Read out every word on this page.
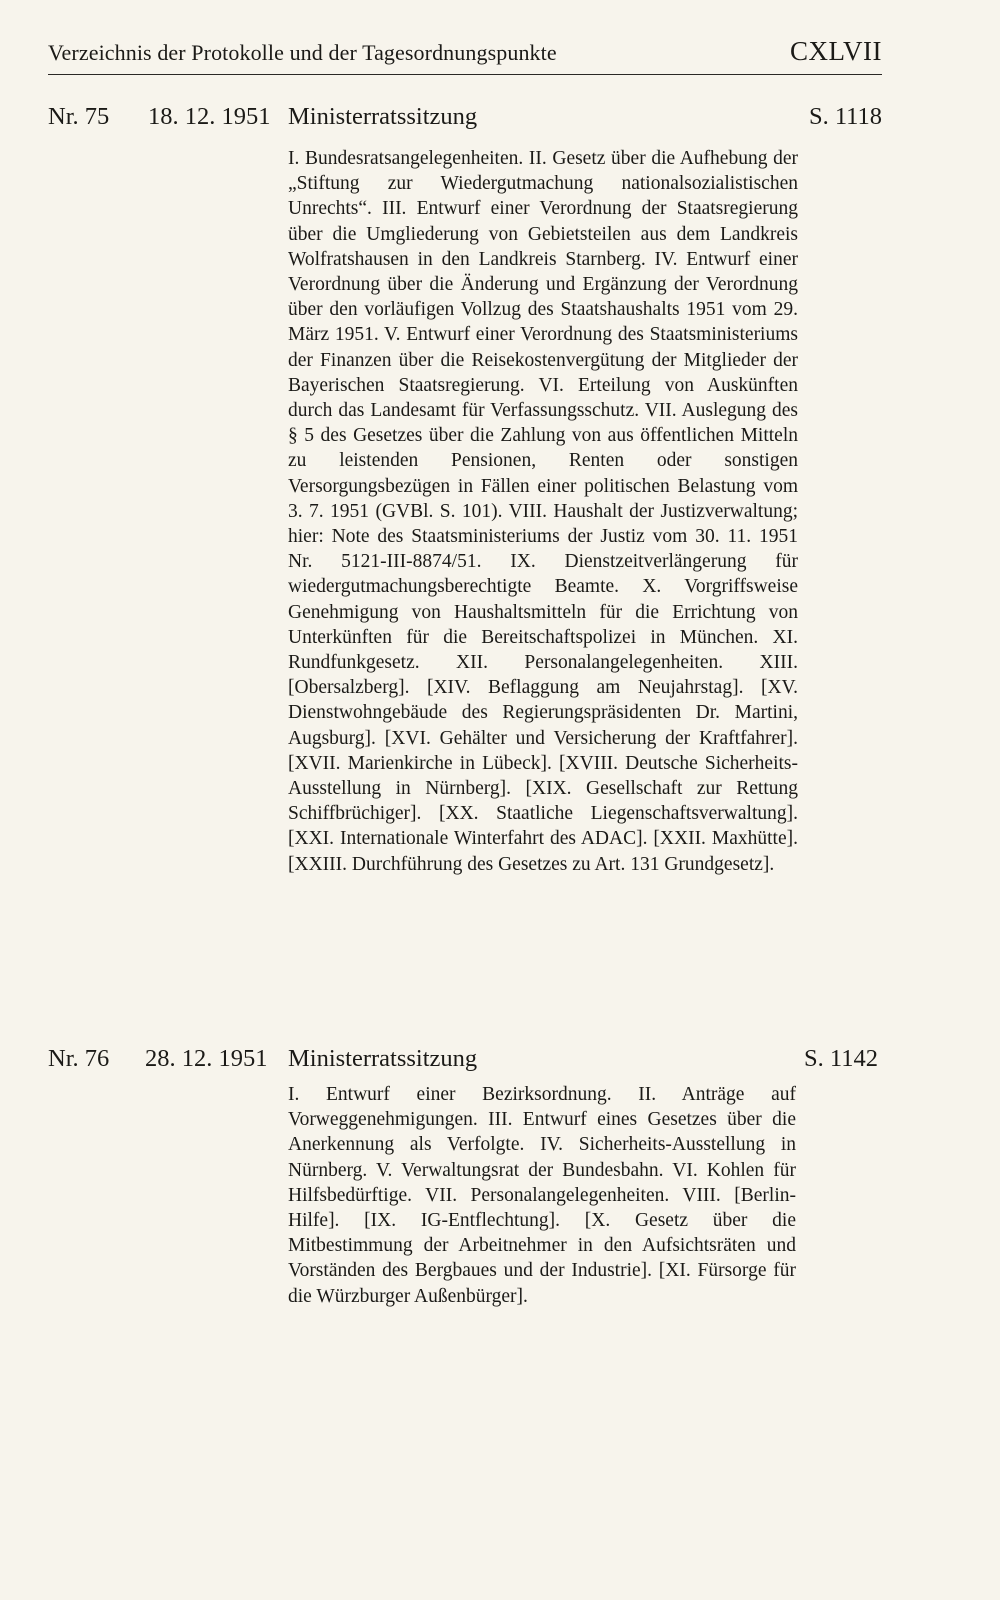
Verzeichnis der Protokolle und der Tagesordnungspunkte	CXLVII
Nr. 75 18. 12. 1951 Ministerratssitzung	S. 1118
I. Bundesratsangelegenheiten. II. Gesetz über die Aufhebung der „Stiftung zur Wiedergutmachung nationalsozialistischen Unrechts“. III. Entwurf einer Verordnung der Staatsregierung über die Umgliederung von Gebietsteilen aus dem Landkreis Wolfratshausen in den Landkreis Starnberg. IV. Entwurf einer Verordnung über die Änderung und Ergänzung der Verordnung über den vorläufigen Vollzug des Staatshaushalts 1951 vom 29. März 1951. V. Entwurf einer Verordnung des Staatsministeriums der Finanzen über die Reisekostenvergütung der Mitglieder der Bayerischen Staatsregierung. VI. Erteilung von Auskünften durch das Landesamt für Verfassungsschutz. VII. Auslegung des § 5 des Gesetzes über die Zahlung von aus öffentlichen Mitteln zu leistenden Pensionen, Renten oder sonstigen Versorgungsbezügen in Fällen einer politischen Belastung vom 3. 7. 1951 (GVBl. S. 101). VIII. Haushalt der Justizverwaltung; hier: Note des Staatsministeriums der Justiz vom 30. 11. 1951 Nr. 5121-III-8874/51. IX. Dienstzeitverlängerung für wiedergutmachungsberechtigte Beamte. X. Vorgriffsweise Genehmigung von Haushaltsmitteln für die Errichtung von Unterkünften für die Bereitschaftspolizei in München. XI. Rundfunkgesetz. XII. Personalangelegenheiten. XIII. [Obersalzberg]. [XIV. Beflaggung am Neujahrstag]. [XV. Dienstwohngebäude des Regierungspräsidenten Dr. Martini, Augsburg]. [XVI. Gehälter und Versicherung der Kraftfahrer]. [XVII. Marienkirche in Lübeck]. [XVIII. Deutsche Sicherheits-Ausstellung in Nürnberg]. [XIX. Gesellschaft zur Rettung Schiffbrüchiger]. [XX. Staatliche Liegenschaftsverwaltung]. [XXI. Internationale Winterfahrt des ADAC]. [XXII. Maxhütte]. [XXIII. Durchführung des Gesetzes zu Art. 131 Grundgesetz].
Nr. 76 28. 12. 1951 Ministerratssitzung	S. 1142
I. Entwurf einer Bezirksordnung. II. Anträge auf Vorweggenehmigungen. III. Entwurf eines Gesetzes über die Anerkennung als Verfolgte. IV. Sicherheits-Ausstellung in Nürnberg. V. Verwaltungsrat der Bundesbahn. VI. Kohlen für Hilfsbedürftige. VII. Personalangelegenheiten. VIII. [Berlin-Hilfe]. [IX. IG-Entflechtung]. [X. Gesetz über die Mitbestimmung der Arbeitnehmer in den Aufsichtsräten und Vorständen des Bergbaues und der Industrie]. [XI. Fürsorge für die Würzburger Außenbürger].
